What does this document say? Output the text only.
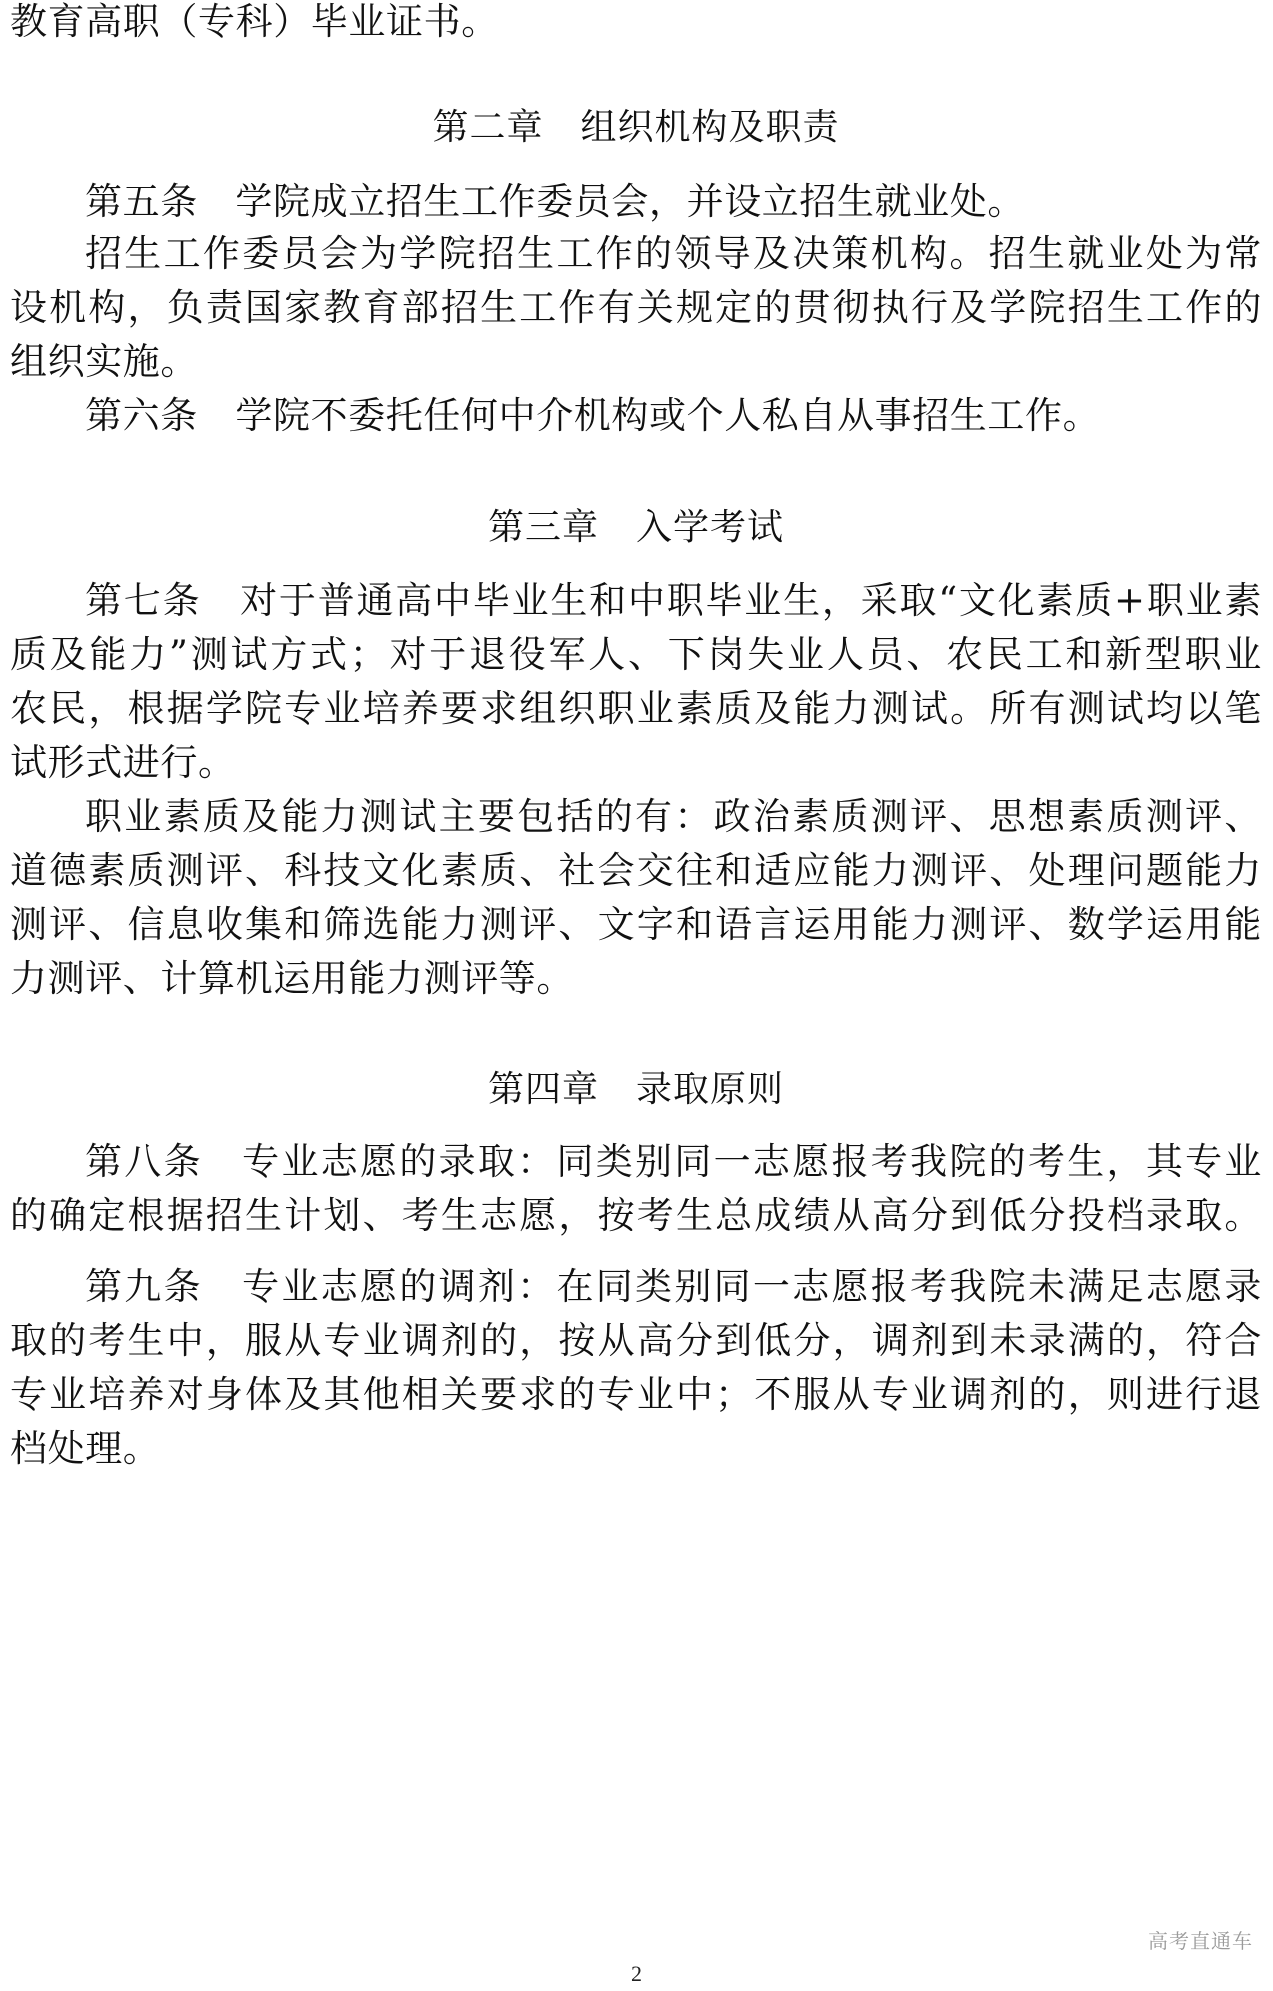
教育高职（专科）毕业证书。
第二章　组织机构及职责
第五条　学院成立招生工作委员会，并设立招生就业处。
招生工作委员会为学院招生工作的领导及决策机构。招生就业处为常
设机构，负责国家教育部招生工作有关规定的贯彻执行及学院招生工作的
组织实施。
第六条　学院不委托任何中介机构或个人私自从事招生工作。
第三章　入学考试
第七条　对于普通高中毕业生和中职毕业生，采取“文化素质+职业素
质及能力”测试方式；对于退役军人、下岗失业人员、农民工和新型职业
农民，根据学院专业培养要求组织职业素质及能力测试。所有测试均以笔
试形式进行。
职业素质及能力测试主要包括的有：政治素质测评、思想素质测评、
道德素质测评、科技文化素质、社会交往和适应能力测评、处理问题能力
测评、信息收集和筛选能力测评、文字和语言运用能力测评、数学运用能
力测评、计算机运用能力测评等。
第四章　录取原则
第八条　专业志愿的录取：同类别同一志愿报考我院的考生，其专业
的确定根据招生计划、考生志愿，按考生总成绩从高分到低分投档录取。
第九条　专业志愿的调剂：在同类别同一志愿报考我院未满足志愿录
取的考生中，服从专业调剂的，按从高分到低分，调剂到未录满的，符合
专业培养对身体及其他相关要求的专业中；不服从专业调剂的，则进行退
档处理。
高考直通车
2
